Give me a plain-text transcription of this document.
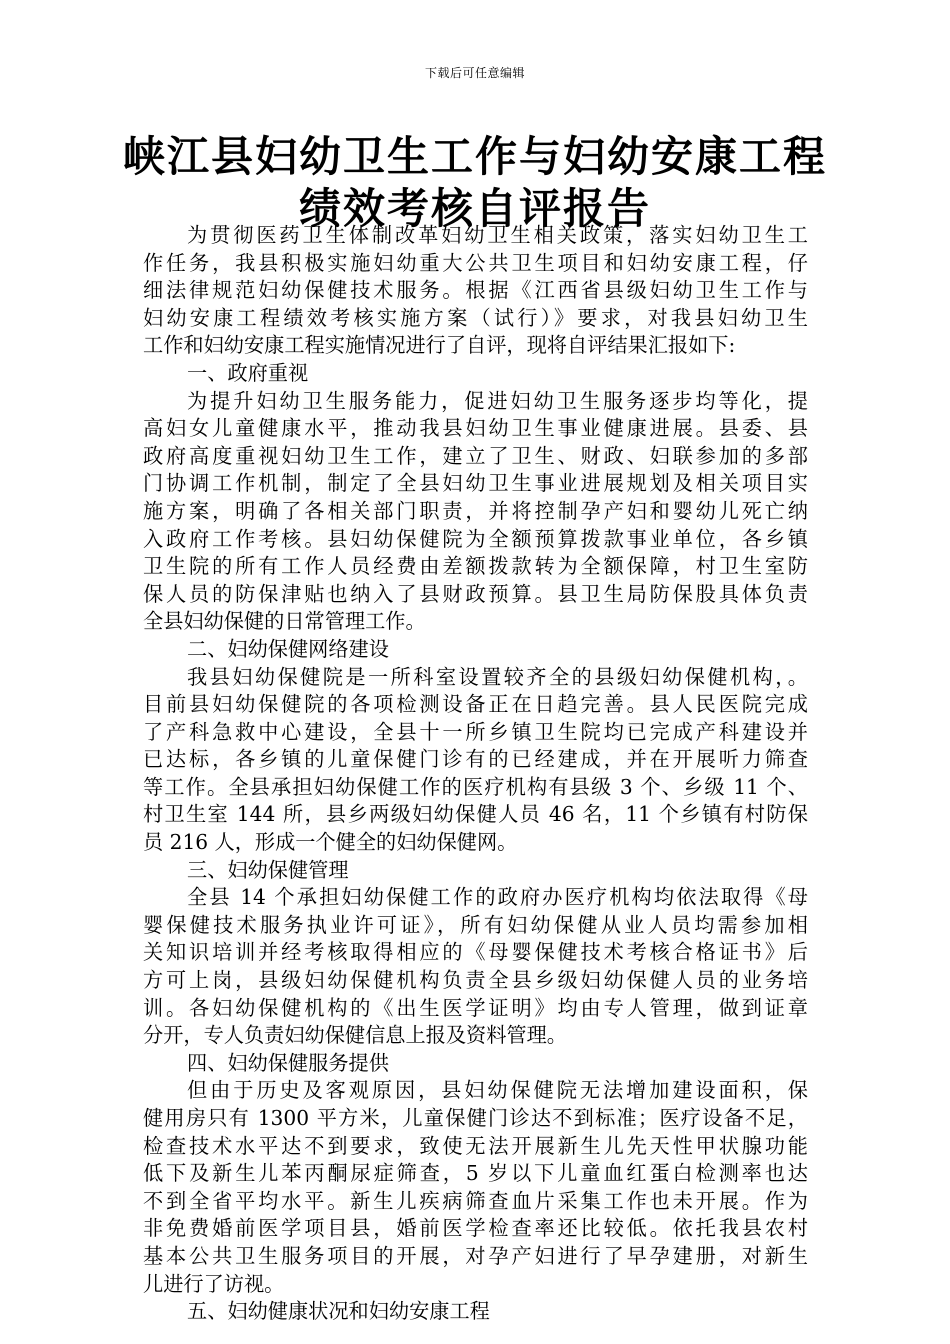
下载后可任意编辑
峡江县妇幼卫生工作与妇幼安康工程
绩效考核自评报告
为贯彻医药卫生体制改革妇幼卫生相关政策，落实妇幼卫生工
作任务，我县积极实施妇幼重大公共卫生项目和妇幼安康工程，仔
细法律规范妇幼保健技术服务。根据《江西省县级妇幼卫生工作与
妇幼安康工程绩效考核实施方案（试行）》要求，对我县妇幼卫生
工作和妇幼安康工程实施情况进行了自评，现将自评结果汇报如下:
一、政府重视
为提升妇幼卫生服务能力，促进妇幼卫生服务逐步均等化，提
高妇女儿童健康水平，推动我县妇幼卫生事业健康进展。县委、县
政府高度重视妇幼卫生工作，建立了卫生、财政、妇联参加的多部
门协调工作机制，制定了全县妇幼卫生事业进展规划及相关项目实
施方案，明确了各相关部门职责，并将控制孕产妇和婴幼儿死亡纳
入政府工作考核。县妇幼保健院为全额预算拨款事业单位，各乡镇
卫生院的所有工作人员经费由差额拨款转为全额保障，村卫生室防
保人员的防保津贴也纳入了县财政预算。县卫生局防保股具体负责
全县妇幼保健的日常管理工作。
二、妇幼保健网络建设
我县妇幼保健院是一所科室设置较齐全的县级妇幼保健机构，。
目前县妇幼保健院的各项检测设备正在日趋完善。县人民医院完成
了产科急救中心建设，全县十一所乡镇卫生院均已完成产科建设并
已达标，各乡镇的儿童保健门诊有的已经建成，并在开展听力筛查
等工作。全县承担妇幼保健工作的医疗机构有县级 3 个、乡级 11 个、
村卫生室 144 所，县乡两级妇幼保健人员 46 名，11 个乡镇有村防保
员 216 人，形成一个健全的妇幼保健网。
三、妇幼保健管理
全县 14 个承担妇幼保健工作的政府办医疗机构均依法取得《母
婴保健技术服务执业许可证》，所有妇幼保健从业人员均需参加相
关知识培训并经考核取得相应的《母婴保健技术考核合格证书》后
方可上岗，县级妇幼保健机构负责全县乡级妇幼保健人员的业务培
训。各妇幼保健机构的《出生医学证明》均由专人管理，做到证章
分开，专人负责妇幼保健信息上报及资料管理。
四、妇幼保健服务提供
但由于历史及客观原因，县妇幼保健院无法增加建设面积，保
健用房只有 1300 平方米，儿童保健门诊达不到标准；医疗设备不足，
检查技术水平达不到要求，致使无法开展新生儿先天性甲状腺功能
低下及新生儿苯丙酮尿症筛查，5 岁以下儿童血红蛋白检测率也达
不到全省平均水平。新生儿疾病筛查血片采集工作也未开展。作为
非免费婚前医学项目县，婚前医学检查率还比较低。依托我县农村
基本公共卫生服务项目的开展，对孕产妇进行了早孕建册，对新生
儿进行了访视。
五、妇幼健康状况和妇幼安康工程
